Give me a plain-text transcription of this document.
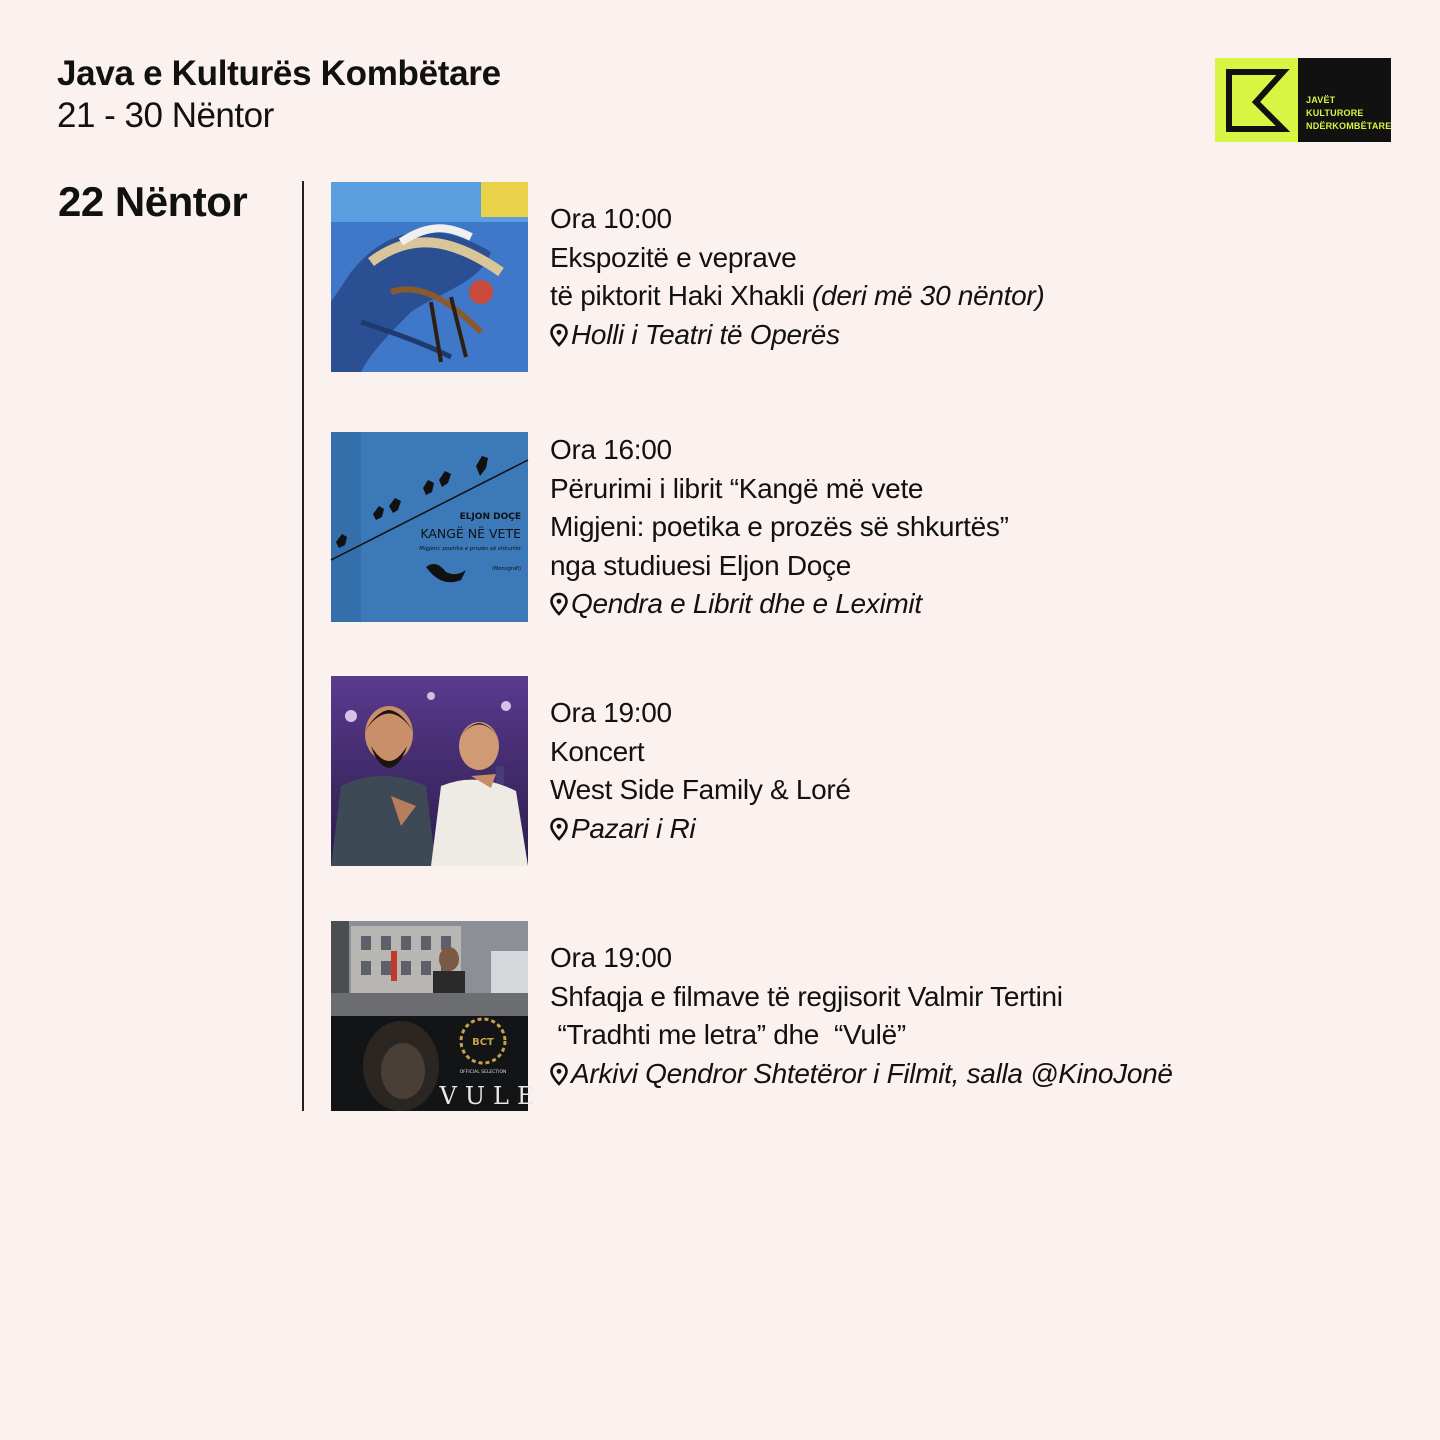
Java e Kulturës Kombëtare
21 - 30 Nëntor	JAVËT
KULTURORE
NDËRKOMBËTARE
22 Nëntor	Ora 10:00
Ekspozitë e veprave
të piktorit Haki Xhakli (deri më 30 nëntor)
Holli i Teatri të Operës
ELJON DOÇE
KANGË NË VETE
Migjeni: poetika e prozës së shkurtër
(Monografi)
Ora 16:00
Përurimi i librit “Kangë më vete
Migjeni: poetika e prozës së shkurtës”
nga studiuesi Eljon Doçe
Qendra e Librit dhe e Leximit
Ora 19:00
Koncert
West Side Family & Loré
Pazari i Ri
BCT
OFFICIAL SELECTION
VULE
Ora 19:00
Shfaqja e filmave të regjisorit Valmir Tertini
“Tradhti me letra” dhe  “Vulë”
Arkivi Qendror Shtetëror i Filmit, salla @KinoJonë
